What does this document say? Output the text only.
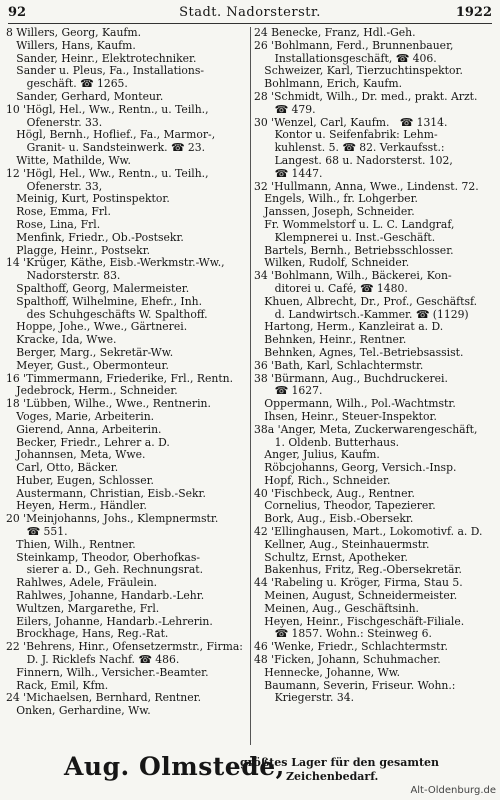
92	Stadt. Nadorsterstr.	1922
8 Willers, Georg, Kaufm.
Willers, Hans, Kaufm.
Sander, Heinr., Elektrotechniker.
Sander u. Pleus, Fa., Installations-
geschäft. ☎ 1265.
Sander, Gerhard, Monteur.
10 'Högl, Hel., Ww., Rentn., u. Teilh.,
Ofenerstr. 33.
Högl, Bernh., Hoflief., Fa., Marmor-,
Granit- u. Sandsteinwerk. ☎ 23.
Witte, Mathilde, Ww.
12 'Högl, Hel., Ww., Rentn., u. Teilh.,
Ofenerstr. 33,
Meinig, Kurt, Postinspektor.
Rose, Emma, Frl.
Rose, Lina, Frl.
Menfink, Friedr., Ob.-Postsekr.
Plagge, Heinr., Postsekr.
14 'Krüger, Käthe, Eisb.-Werkmstr.-Ww.,
Nadorsterstr. 83.
Spalthoff, Georg, Malermeister.
Spalthoff, Wilhelmine, Ehefr., Inh.
des Schuhgeschäfts W. Spalthoff.
Hoppe, Johe., Wwe., Gärtnerei.
Kracke, Ida, Wwe.
Berger, Marg., Sekretär-Ww.
Meyer, Gust., Obermonteur.
16 'Timmermann, Friederike, Frl., Rentn.
Jedebrock, Herm., Schneider.
18 'Lübben, Wilhe., Wwe., Rentnerin.
Voges, Marie, Arbeiterin.
Gierend, Anna, Arbeiterin.
Becker, Friedr., Lehrer a. D.
Johannsen, Meta, Wwe.
Carl, Otto, Bäcker.
Huber, Eugen, Schlosser.
Austermann, Christian, Eisb.-Sekr.
Heyen, Herm., Händler.
20 'Meinjohanns, Johs., Klempnermstr.
☎ 551.
Thien, Wilh., Rentner.
Steinkamp, Theodor, Oberhofkas-
sierer a. D., Geh. Rechnungsrat.
Rahlwes, Adele, Fräulein.
Rahlwes, Johanne, Handarb.-Lehr.
Wultzen, Margarethe, Frl.
Eilers, Johanne, Handarb.-Lehrerin.
Brockhage, Hans, Reg.-Rat.
22 'Behrens, Hinr., Ofensetzermstr., Firma:
D. J. Ricklefs Nachf. ☎ 486.
Finnern, Wilh., Versicher.-Beamter.
Rack, Emil, Kfm.
24 'Michaelsen, Bernhard, Rentner.
Onken, Gerhardine, Ww.
24 Benecke, Franz, Hdl.-Geh.
26 'Bohlmann, Ferd., Brunnenbauer,
Installationsgeschäft, ☎ 406.
Schweizer, Karl, Tierzuchtinspektor.
Bohlmann, Erich, Kaufm.
28 'Schmidt, Wilh., Dr. med., prakt. Arzt.
☎ 479.
30 'Wenzel, Carl, Kaufm.   ☎ 1314.
Kontor u. Seifenfabrik: Lehm-
kuhlenst. 5. ☎ 82. Verkaufsst.:
Langest. 68 u. Nadorsterst. 102,
☎ 1447.
32 'Hullmann, Anna, Wwe., Lindenst. 72.
Engels, Wilh., fr. Lohgerber.
Janssen, Joseph, Schneider.
Fr. Wommelstorf u. L. C. Landgraf,
Klempnerei u. Inst.-Geschäft.
Bartels, Bernh., Betriebsschlosser.
Wilken, Rudolf, Schneider.
34 'Bohlmann, Wilh., Bäckerei, Kon-
ditorei u. Café, ☎ 1480.
Khuen, Albrecht, Dr., Prof., Geschäftsf.
d. Landwirtsch.-Kammer. ☎ (1129)
Hartong, Herm., Kanzleirat a. D.
Behnken, Heinr., Rentner.
Behnken, Agnes, Tel.-Betriebsassist.
36 'Bath, Karl, Schlachtermstr.
38 'Bürmann, Aug., Buchdruckerei.
☎ 1627.
Oppermann, Wilh., Pol.-Wachtmstr.
Ihsen, Heinr., Steuer-Inspektor.
38a 'Anger, Meta, Zuckerwarengeschäft,
1. Oldenb. Butterhaus.
Anger, Julius, Kaufm.
Röbcjohanns, Georg, Versich.-Insp.
Hopf, Rich., Schneider.
40 'Fischbeck, Aug., Rentner.
Cornelius, Theodor, Tapezierer.
Bork, Aug., Eisb.-Obersekr.
42 'Ellinghausen, Mart., Lokomotivf. a. D.
Kellner, Aug., Steinhauermstr.
Schultz, Ernst, Apotheker.
Bakenhus, Fritz, Reg.-Obersekretär.
44 'Rabeling u. Kröger, Firma, Stau 5.
Meinen, August, Schneidermeister.
Meinen, Aug., Geschäftsinh.
Heyen, Heinr., Fischgeschäft-Filiale.
☎ 1857. Wohn.: Steinweg 6.
46 'Wenke, Friedr., Schlachtermstr.
48 'Ficken, Johann, Schuhmacher.
Hennecke, Johanne, Ww.
Baumann, Severin, Friseur. Wohn.:
Kriegerstr. 34.
Aug. Olmstede,
größtes Lager für den gesamten
Zeichenbedarf.
Alt-Oldenburg.de
